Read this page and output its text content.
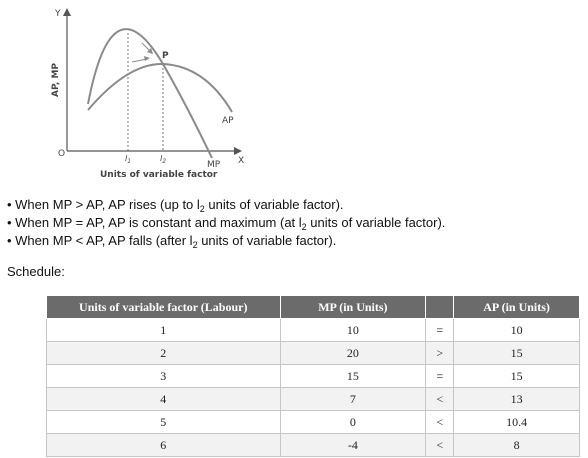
Y
X
O
AP, MP
Units of variable factor
P
AP
MP
$l_1$	$l_2$
• When MP > AP, AP rises (up to $l_2$ units of variable factor).
• When MP = AP, AP is constant and maximum (at $l_2$ units of variable factor).
• When MP < AP, AP falls (after $l_2$ units of variable factor).
Schedule:
Units of variable factor (Labour)	MP (in Units)		AP (in Units)
1	10	=	10
2	20	>	15
3	15	=	15
4	7	<	13
5	0	<	10.4
6	-4	<	8
